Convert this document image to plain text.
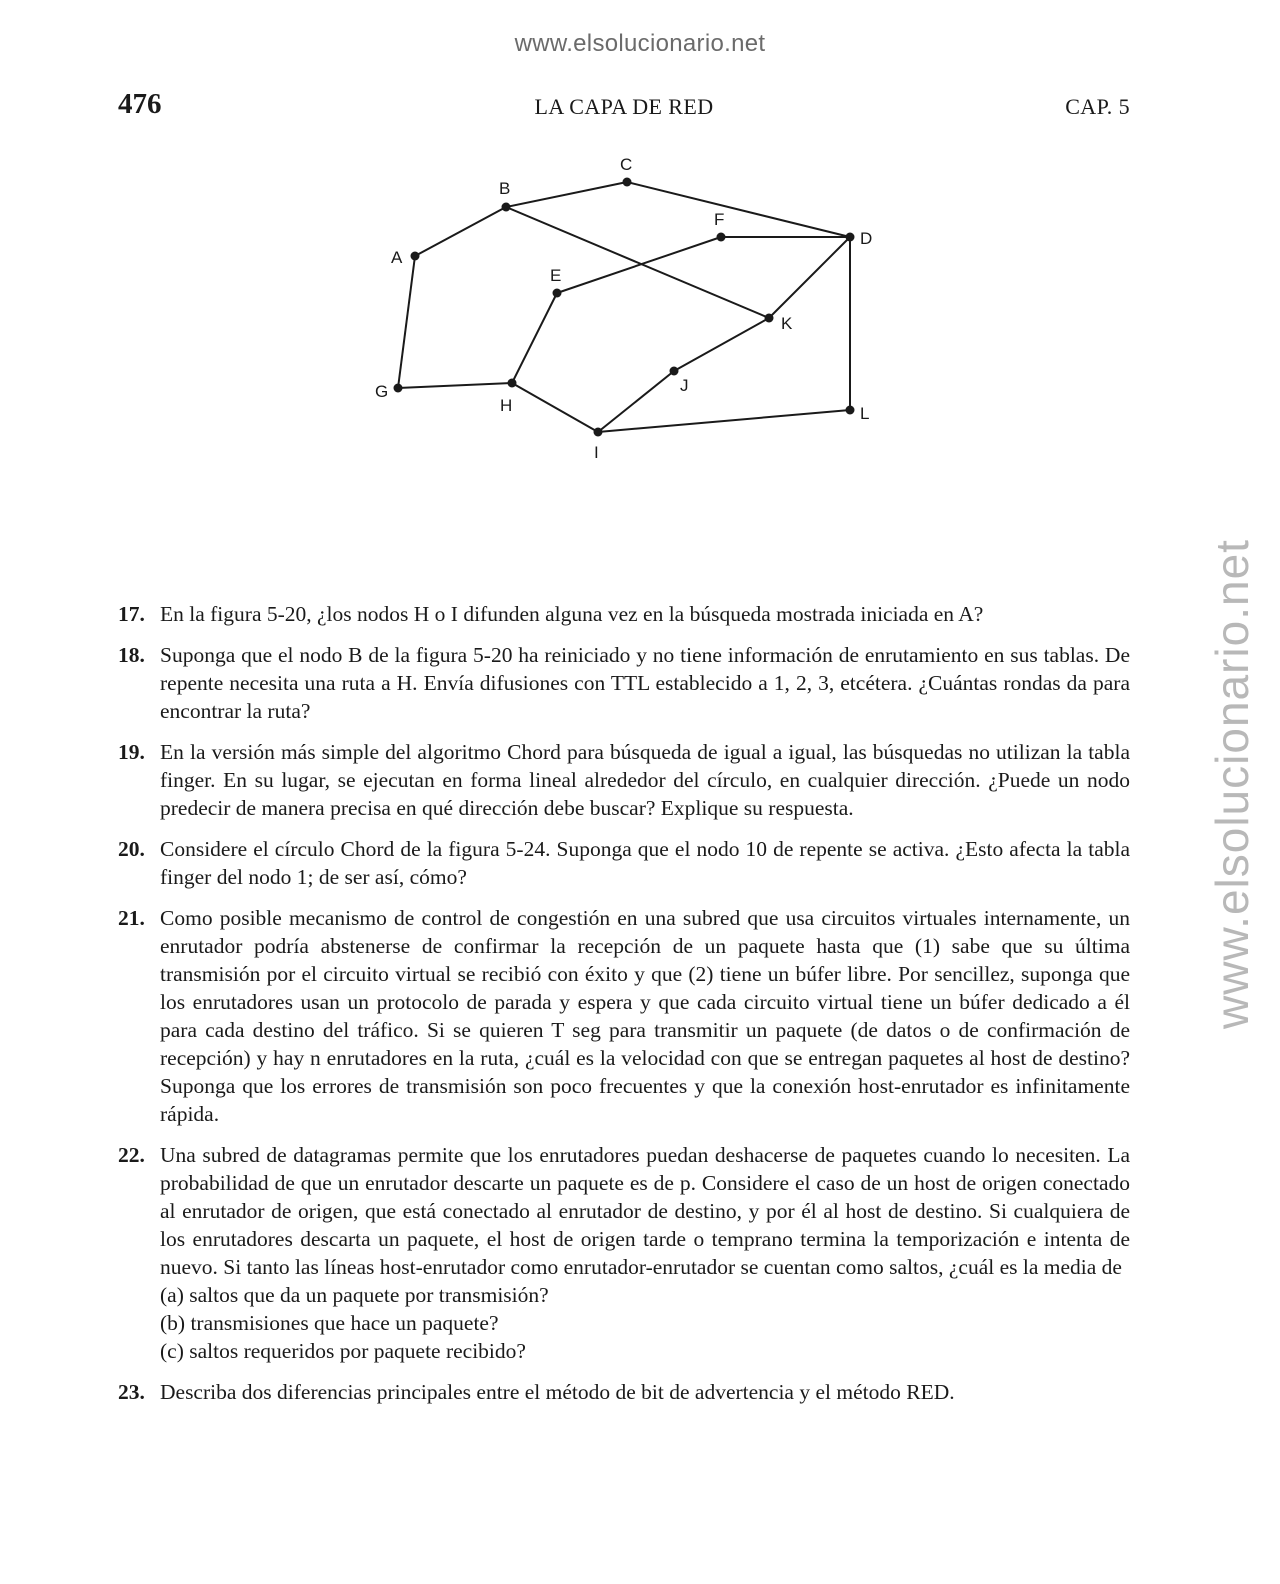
www.elsolucionario.net
www.elsolucionario.net
476	LA CAPA DE RED	CAP. 5
A
B
C
D
E
F
G
H
I
J
K
L
17. En la figura 5-20, ¿los nodos H o I difunden alguna vez en la búsqueda mostrada iniciada en A?
18. Suponga que el nodo B de la figura 5-20 ha reiniciado y no tiene información de enrutamiento en sus tablas. De repente necesita una ruta a H. Envía difusiones con TTL establecido a 1, 2, 3, etcétera. ¿Cuántas rondas da para encontrar la ruta?
19. En la versión más simple del algoritmo Chord para búsqueda de igual a igual, las búsquedas no utilizan la tabla finger. En su lugar, se ejecutan en forma lineal alrededor del círculo, en cualquier dirección. ¿Puede un nodo predecir de manera precisa en qué dirección debe buscar? Explique su respuesta.
20. Considere el círculo Chord de la figura 5-24. Suponga que el nodo 10 de repente se activa. ¿Esto afecta la tabla finger del nodo 1; de ser así, cómo?
21. Como posible mecanismo de control de congestión en una subred que usa circuitos virtuales internamente, un enrutador podría abstenerse de confirmar la recepción de un paquete hasta que (1) sabe que su última transmisión por el circuito virtual se recibió con éxito y que (2) tiene un búfer libre. Por sencillez, suponga que los enrutadores usan un protocolo de parada y espera y que cada circuito virtual tiene un búfer dedicado a él para cada destino del tráfico. Si se quieren T seg para transmitir un paquete (de datos o de confirmación de recepción) y hay n enrutadores en la ruta, ¿cuál es la velocidad con que se entregan paquetes al host de destino? Suponga que los errores de transmisión son poco frecuentes y que la conexión host-enrutador es infinitamente rápida.
22. Una subred de datagramas permite que los enrutadores puedan deshacerse de paquetes cuando lo necesiten. La probabilidad de que un enrutador descarte un paquete es de p. Considere el caso de un host de origen conectado al enrutador de origen, que está conectado al enrutador de destino, y por él al host de destino. Si cualquiera de los enrutadores descarta un paquete, el host de origen tarde o temprano termina la temporización e intenta de nuevo. Si tanto las líneas host-enrutador como enrutador-enrutador se cuentan como saltos, ¿cuál es la media de
(a) saltos que da un paquete por transmisión?
(b) transmisiones que hace un paquete?
(c) saltos requeridos por paquete recibido?
23. Describa dos diferencias principales entre el método de bit de advertencia y el método RED.
